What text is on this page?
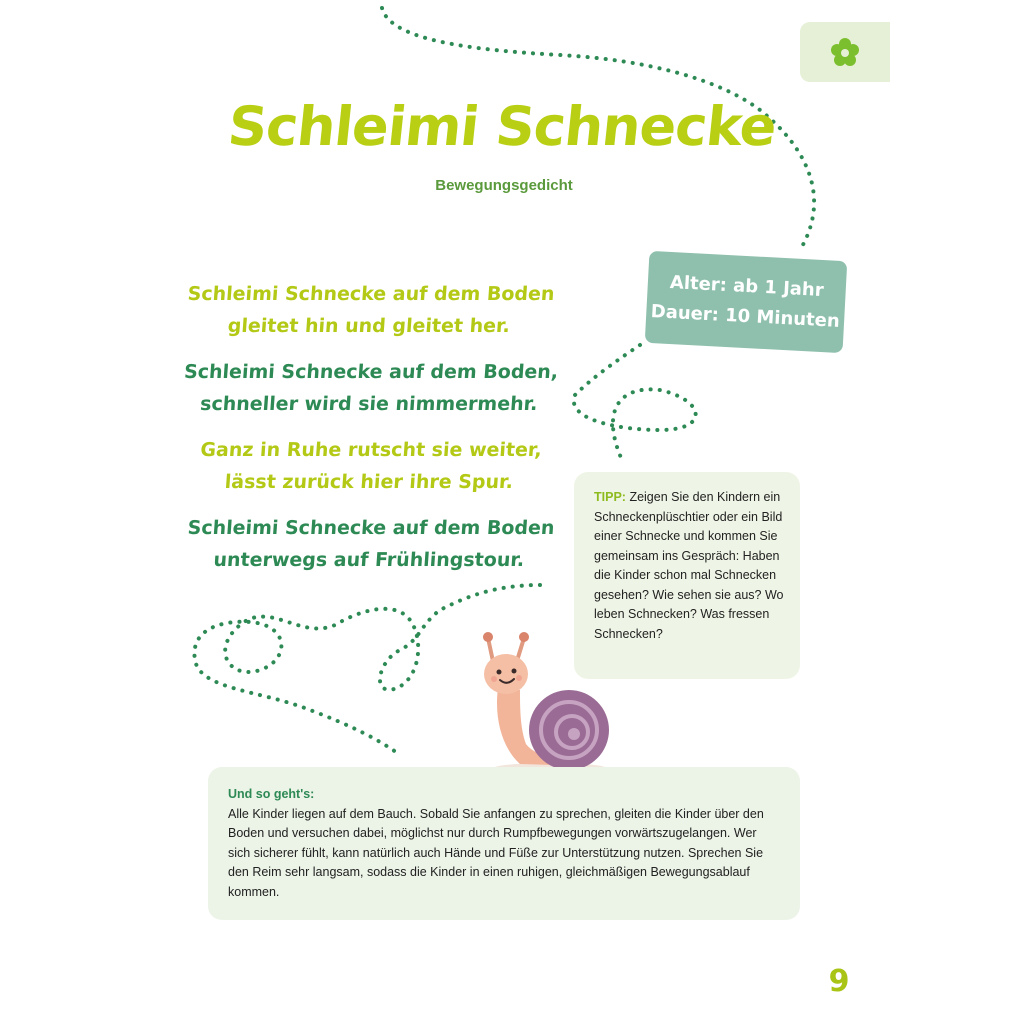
Schleimi Schnecke
Bewegungsgedicht
Schleimi Schnecke auf dem Boden
gleitet hin und gleitet her.
Schleimi Schnecke auf dem Boden,
schneller wird sie nimmermehr.
Ganz in Ruhe rutscht sie weiter,
lässt zurück hier ihre Spur.
Schleimi Schnecke auf dem Boden
unterwegs auf Frühlingstour.
Alter: ab 1 Jahr
Dauer: 10 Minuten
TIPP: Zeigen Sie den Kindern ein Schneckenplüschtier oder ein Bild einer Schnecke und kommen Sie gemeinsam ins Gespräch: Haben die Kinder schon mal Schnecken gesehen? Wie sehen sie aus? Wo leben Schnecken? Was fressen Schnecken?
Und so geht's:
Alle Kinder liegen auf dem Bauch. Sobald Sie anfangen zu sprechen, gleiten die Kinder über den Boden und versuchen dabei, möglichst nur durch Rumpfbewegungen vorwärtszugelangen. Wer sich sicherer fühlt, kann natürlich auch Hände und Füße zur Unterstützung nutzen. Sprechen Sie den Reim sehr langsam, sodass die Kinder in einen ruhigen, gleichmäßigen Bewegungsablauf kommen.
9
